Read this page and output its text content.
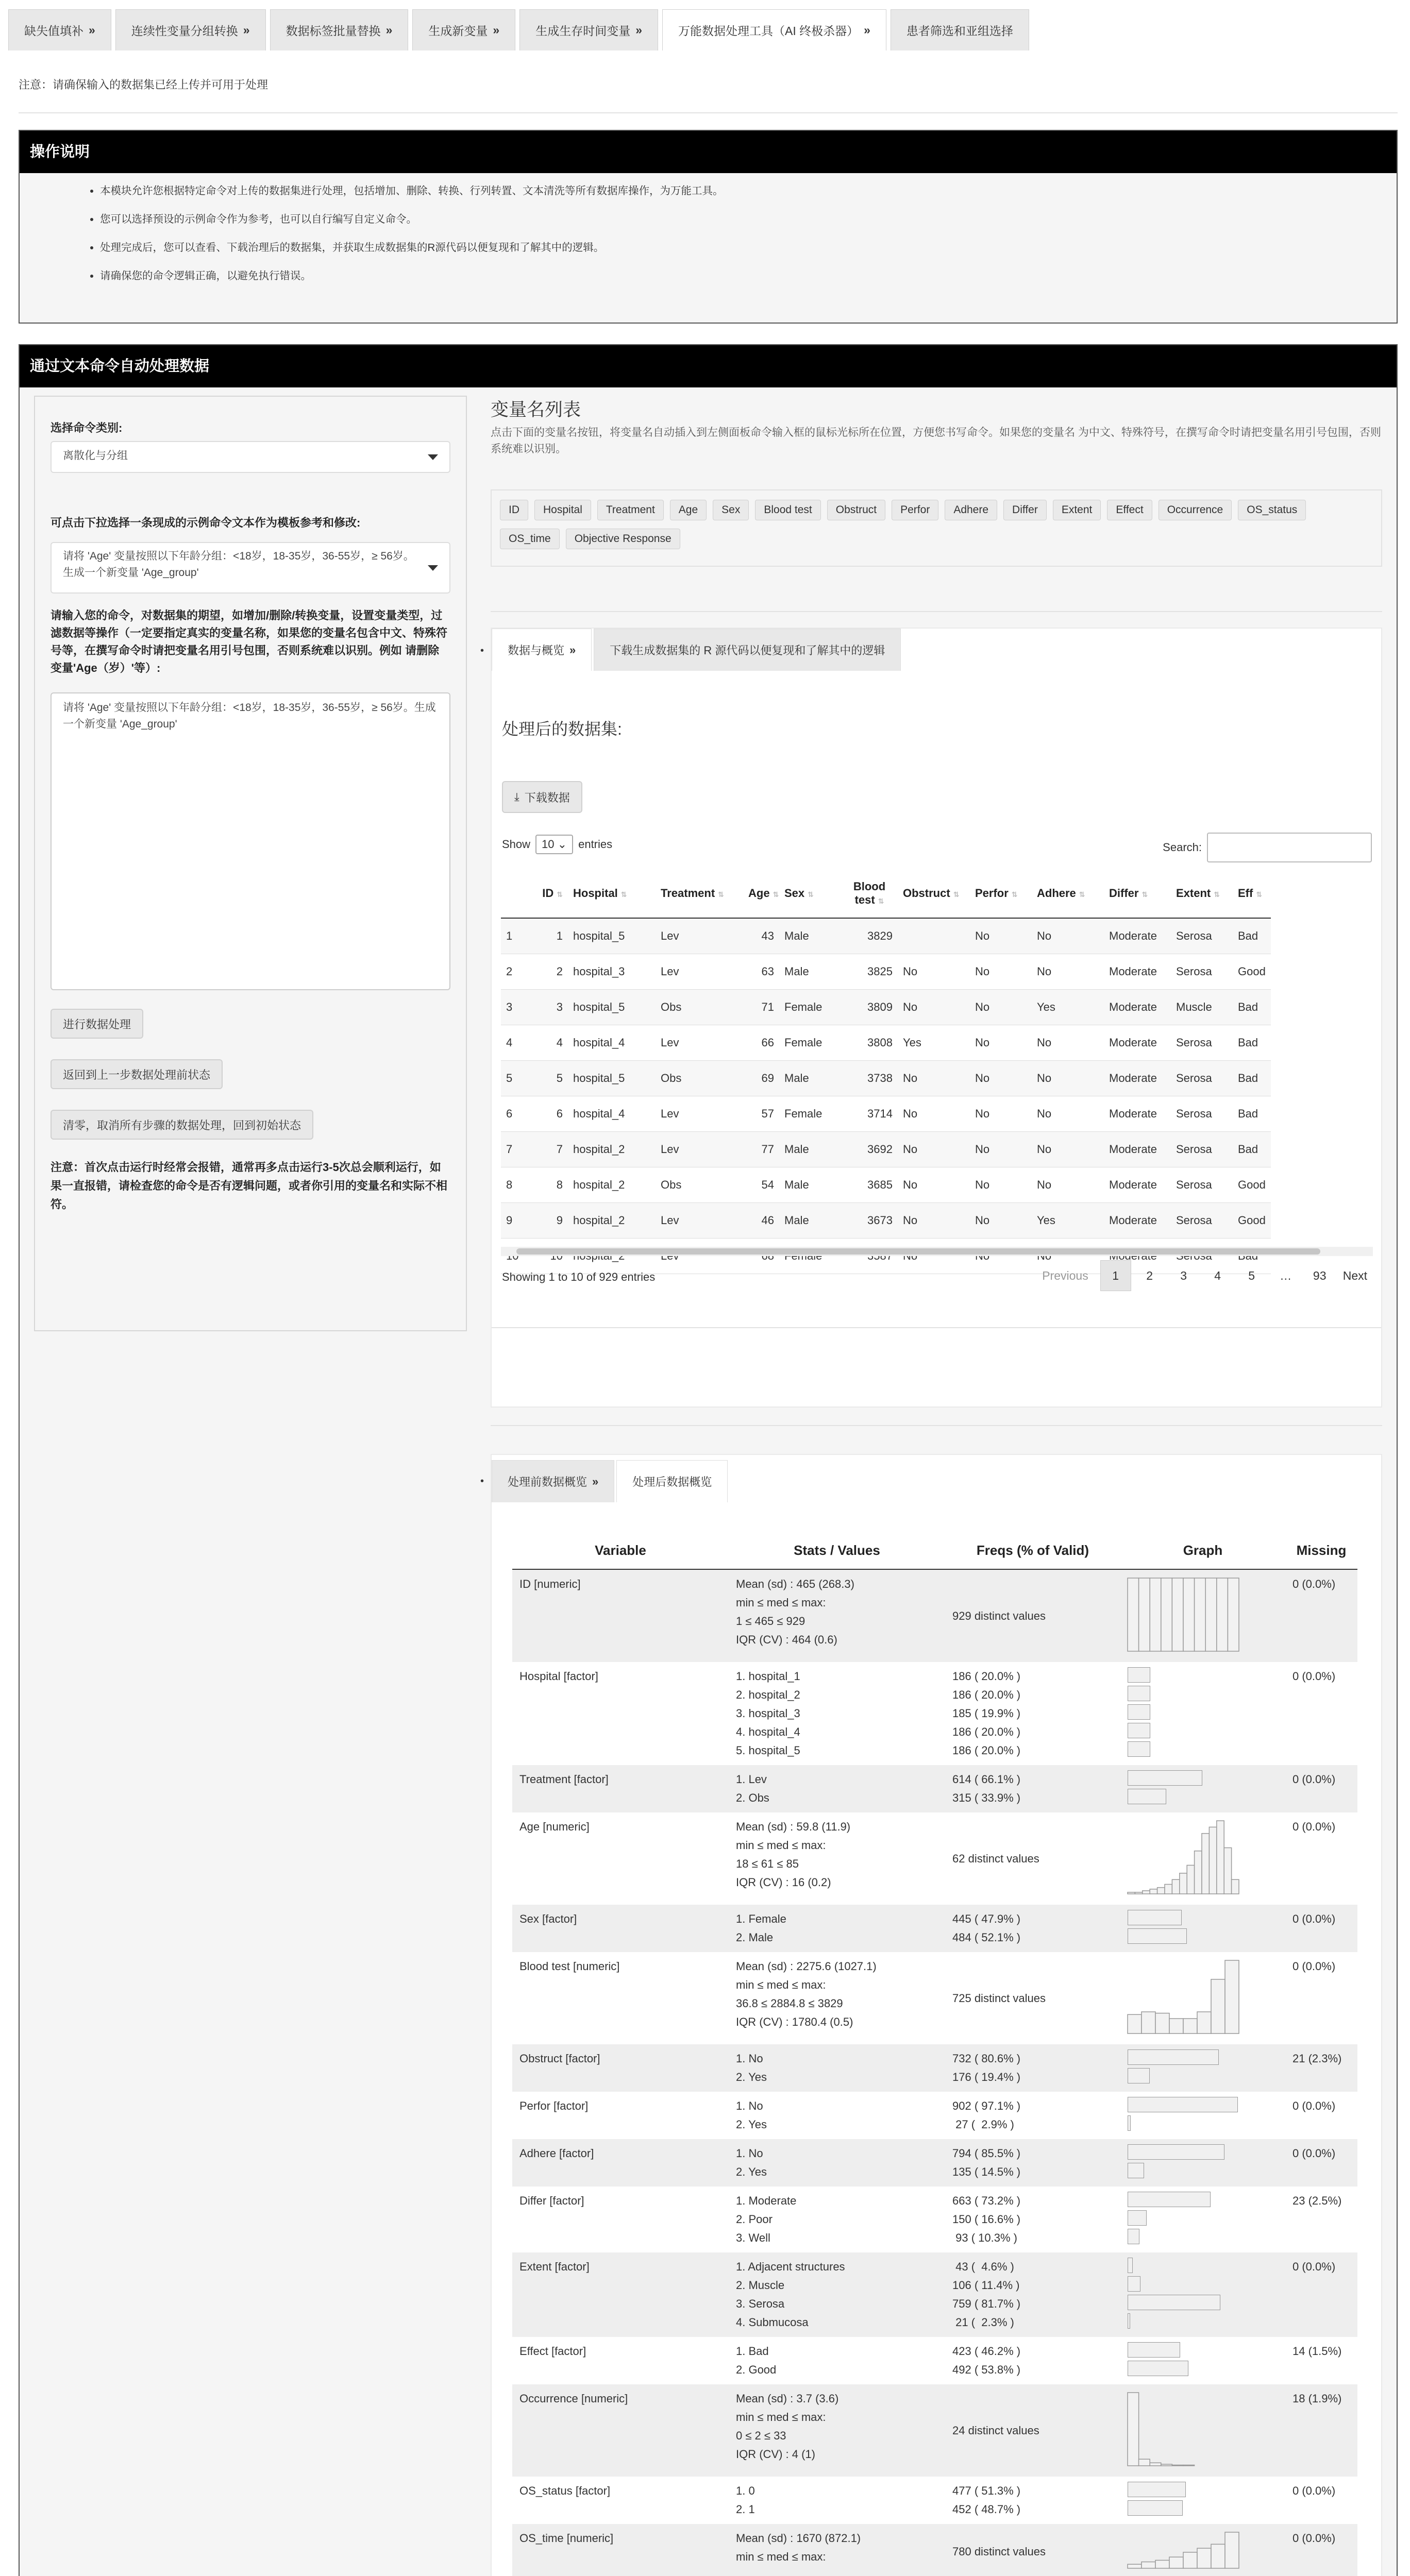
缺失值填补 »	连续性变量分组转换 »	数据标签批量替换 »	生成新变量 »	生成生存时间变量 »	万能数据处理工具（AI 终极杀器） »	患者筛选和亚组选择
注意：请确保输入的数据集已经上传并可用于处理
操作说明
• 本模块允许您根据特定命令对上传的数据集进行处理，包括增加、删除、转换、行列转置、文本清洗等所有数据库操作，为万能工具。
• 您可以选择预设的示例命令作为参考，也可以自行编写自定义命令。
• 处理完成后，您可以查看、下载治理后的数据集，并获取生成数据集的R源代码以便复现和了解其中的逻辑。
• 请确保您的命令逻辑正确，以避免执行错误。
通过文本命令自动处理数据
选择命令类别:
离散化与分组
可点击下拉选择一条现成的示例命令文本作为模板参考和修改:
请将 'Age' 变量按照以下年龄分组：<18岁，18-35岁，36-55岁，≥ 56岁。生成一个新变量 'Age_group'
请输入您的命令，对数据集的期望，如增加/删除/转换变量，设置变量类型，过滤数据等操作（一定要指定真实的变量名称，如果您的变量名包含中文、特殊符号等，在撰写命令时请把变量名用引号包围，否则系统难以识别。例如 请删除变量'Age（岁）'等）:
请将 'Age' 变量按照以下年龄分组：<18岁，18-35岁，36-55岁，≥ 56岁。生成一个新变量 'Age_group'
进行数据处理
返回到上一步数据处理前状态
清零，取消所有步骤的数据处理，回到初始状态
注意：首次点击运行时经常会报错，通常再多点击运行3-5次总会顺利运行，如果一直报错，请检查您的命令是否有逻辑问题，或者你引用的变量名和实际不相符。
变量名列表
点击下面的变量名按钮，将变量名自动插入到左侧面板命令输入框的鼠标光标所在位置，方便您书写命令。如果您的变量名 为中文、特殊符号，在撰写命令时请把变量名用引号包围，否则系统难以识别。
ID Hospital Treatment Age Sex Blood test Obstruct Perfor Adhere Differ Extent Effect Occurrence OS_statusOS_time Objective Response
• 数据与概览 »	下载生成数据集的 R 源代码以便复现和了解其中的逻辑
处理后的数据集:
⤓ 下载数据
Show	10 ⌄	entries	Search:
	ID ⇅	Hospital ⇅	Treatment ⇅	Age ⇅	Sex ⇅	Blood test ⇅	Obstruct ⇅	Perfor ⇅	Adhere ⇅	Differ ⇅	Extent ⇅	Eff ⇅
1	1	hospital_5	Lev	43	Male	3829		No	No	Moderate	Serosa	Bad
2	2	hospital_3	Lev	63	Male	3825	No	No	No	Moderate	Serosa	Good
3	3	hospital_5	Obs	71	Female	3809	No	No	Yes	Moderate	Muscle	Bad
4	4	hospital_4	Lev	66	Female	3808	Yes	No	No	Moderate	Serosa	Bad
5	5	hospital_5	Obs	69	Male	3738	No	No	No	Moderate	Serosa	Bad
6	6	hospital_4	Lev	57	Female	3714	No	No	No	Moderate	Serosa	Bad
7	7	hospital_2	Lev	77	Male	3692	No	No	No	Moderate	Serosa	Bad
8	8	hospital_2	Obs	54	Male	3685	No	No	No	Moderate	Serosa	Good
9	9	hospital_2	Lev	46	Male	3673	No	No	Yes	Moderate	Serosa	Good

Showing 1 to 10 of 929 entries	Previous	1	2	3	4	5	…	93	Next
• 处理前数据概览 »	处理后数据概览
Variable	Stats / Values	Freqs (% of Valid)	Graph	Missing
ID [numeric]	Mean (sd) : 465 (268.3)
min ≤ med ≤ max:
1 ≤ 465 ≤ 929
IQR (CV) : 464 (0.6)	929 distinct values		0 (0.0%)
Hospital [factor]	1. hospital_1
2. hospital_2
3. hospital_3
4. hospital_4
5. hospital_5	186 ( 20.0% )
186 ( 20.0% )
185 ( 19.9% )
186 ( 20.0% )
186 ( 20.0% )		0 (0.0%)
Treatment [factor]	1. Lev
2. Obs	614 ( 66.1% )
315 ( 33.9% )		0 (0.0%)
Age [numeric]	Mean (sd) : 59.8 (11.9)
min ≤ med ≤ max:
18 ≤ 61 ≤ 85
IQR (CV) : 16 (0.2)	62 distinct values		0 (0.0%)
Sex [factor]	1. Female
2. Male	445 ( 47.9% )
484 ( 52.1% )		0 (0.0%)
Blood test [numeric]	Mean (sd) : 2275.6 (1027.1)
min ≤ med ≤ max:
36.8 ≤ 2884.8 ≤ 3829
IQR (CV) : 1780.4 (0.5)	725 distinct values		0 (0.0%)
Obstruct [factor]	1. No
2. Yes	732 ( 80.6% )
176 ( 19.4% )		21 (2.3%)
Perfor [factor]	1. No
2. Yes	902 ( 97.1% )
27 (  2.9% )		0 (0.0%)
Adhere [factor]	1. No
2. Yes	794 ( 85.5% )
135 ( 14.5% )		0 (0.0%)
Differ [factor]	1. Moderate
2. Poor
3. Well	663 ( 73.2% )
150 ( 16.6% )
93 ( 10.3% )		23 (2.5%)
Extent [factor]	1. Adjacent structures
2. Muscle
3. Serosa
4. Submucosa	43 (  4.6% )
106 ( 11.4% )
759 ( 81.7% )
21 (  2.3% )		0 (0.0%)
Effect [factor]	1. Bad
2. Good	423 ( 46.2% )
492 ( 53.8% )		14 (1.5%)
Occurrence [numeric]	Mean (sd) : 3.7 (3.6)
min ≤ med ≤ max:
0 ≤ 2 ≤ 33
IQR (CV) : 4 (1)	24 distinct values		18 (1.9%)
OS_status [factor]	1. 0
2. 1	477 ( 51.3% )
452 ( 48.7% )		0 (0.0%)
OS_time [numeric]	Mean (sd) : 1670 (872.1)
min ≤ med ≤ max:	780 distinct values		0 (0.0%)
